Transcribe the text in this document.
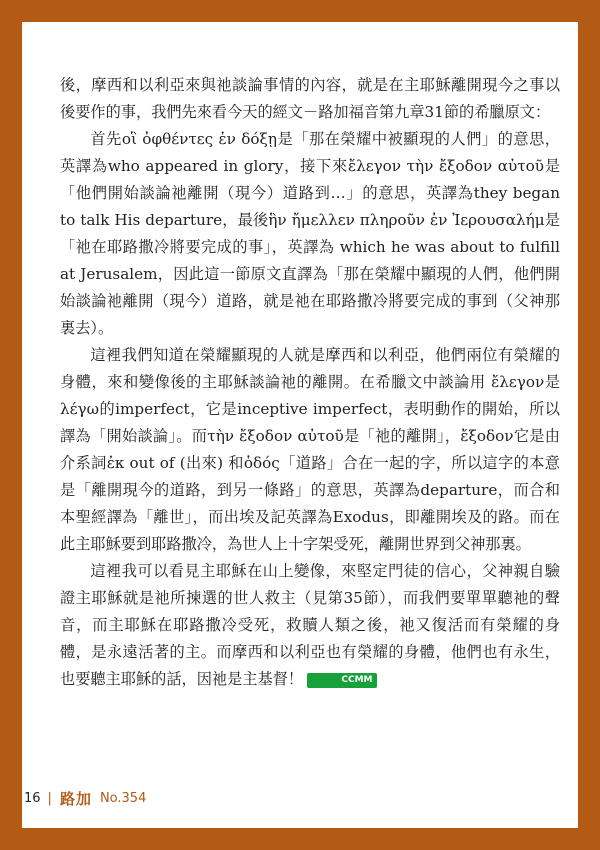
後，摩西和以利亞來與祂談論事情的內容，就是在主耶穌離開現今之事以後要作的事，我們先來看今天的經文－路加福音第九章31節的希臘原文：

首先οἳ ὀφθέντες ἐν δόξῃ是「那在榮耀中被顯現的人們」的意思，英譯為who appeared in glory，接下來ἔλεγον τὴν ἔξοδον αὐτοῦ是「他們開始談論祂離開（現今）道路到…」的意思，英譯為they began to talk His departure，最後ἣν ἤμελλεν πληροῦν ἐν Ἰερουσαλήμ是「祂在耶路撒冷將要完成的事」，英譯為 which he was about to fulfill at Jerusalem，因此這一節原文直譯為「那在榮耀中顯現的人們，他們開始談論祂離開（現今）道路，就是祂在耶路撒冷將要完成的事到（父神那裏去）。

這裡我們知道在榮耀顯現的人就是摩西和以利亞，他們兩位有榮耀的身體，來和變像後的主耶穌談論祂的離開。在希臘文中談論用 ἔλεγον是λέγω的imperfect，它是inceptive imperfect，表明動作的開始，所以譯為「開始談論」。而τὴν ἔξοδον αὐτοῦ是「祂的離開」，ἔξοδον它是由介系詞ἐκ out of (出來) 和ὁδός「道路」合在一起的字，所以這字的本意是「離開現今的道路，到另一條路」的意思，英譯為departure，而合和本聖經譯為「離世」，而出埃及記英譯為Exodus，即離開埃及的路。而在此主耶穌要到耶路撒冷，為世人上十字架受死，離開世界到父神那裏。

這裡我可以看見主耶穌在山上變像，來堅定門徒的信心，父神親自驗證主耶穌就是祂所揀選的世人救主（見第35節），而我們要單單聽祂的聲音，而主耶穌在耶路撒冷受死，救贖人類之後，祂又復活而有榮耀的身體，是永遠活著的主。而摩西和以利亞也有榮耀的身體，他們也有永生，也要聽主耶穌的話，因祂是主基督！	CCMM

16 | 路加 No.354
